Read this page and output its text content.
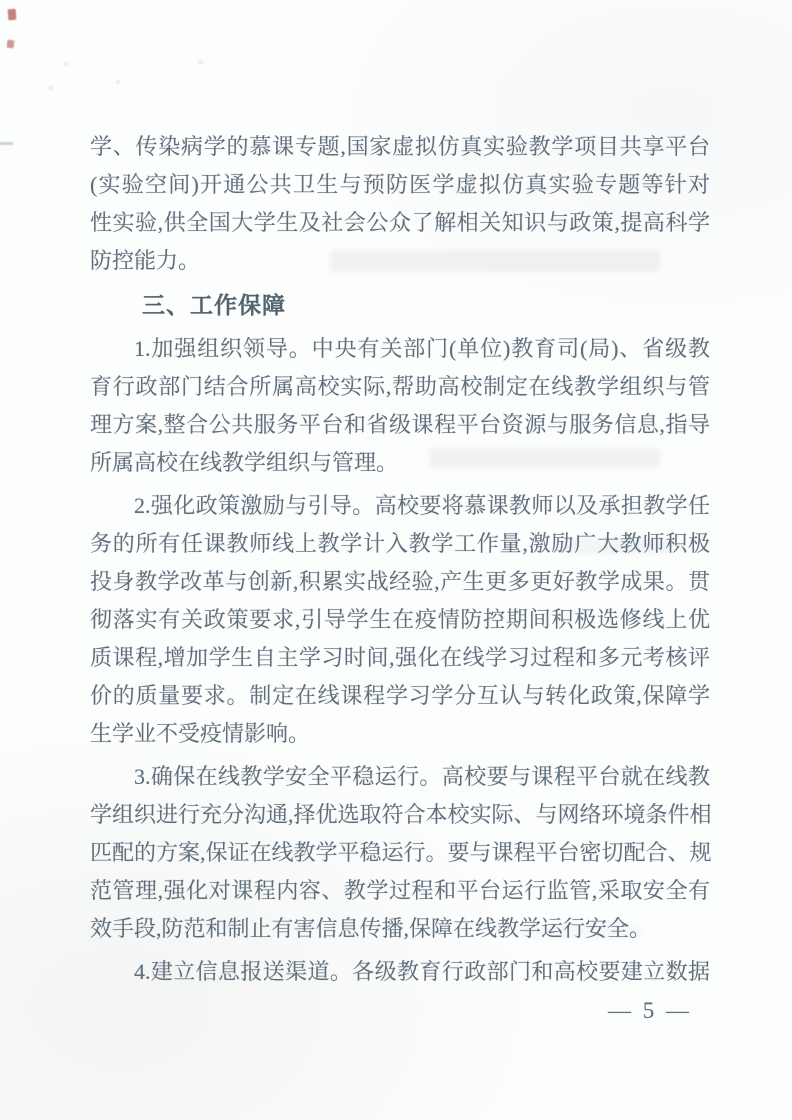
学、传染病学的慕课专题,国家虚拟仿真实验教学项目共享平台
(实验空间)开通公共卫生与预防医学虚拟仿真实验专题等针对
性实验,供全国大学生及社会公众了解相关知识与政策,提高科学
防控能力。
三、工作保障
1.加强组织领导。中央有关部门(单位)教育司(局)、省级教
育行政部门结合所属高校实际,帮助高校制定在线教学组织与管
理方案,整合公共服务平台和省级课程平台资源与服务信息,指导
所属高校在线教学组织与管理。
2.强化政策激励与引导。高校要将慕课教师以及承担教学任
务的所有任课教师线上教学计入教学工作量,激励广大教师积极
投身教学改革与创新,积累实战经验,产生更多更好教学成果。贯
彻落实有关政策要求,引导学生在疫情防控期间积极选修线上优
质课程,增加学生自主学习时间,强化在线学习过程和多元考核评
价的质量要求。制定在线课程学习学分互认与转化政策,保障学
生学业不受疫情影响。
3.确保在线教学安全平稳运行。高校要与课程平台就在线教
学组织进行充分沟通,择优选取符合本校实际、与网络环境条件相
匹配的方案,保证在线教学平稳运行。要与课程平台密切配合、规
范管理,强化对课程内容、教学过程和平台运行监管,采取安全有
效手段,防范和制止有害信息传播,保障在线教学运行安全。
4.建立信息报送渠道。各级教育行政部门和高校要建立数据
— 5 —
